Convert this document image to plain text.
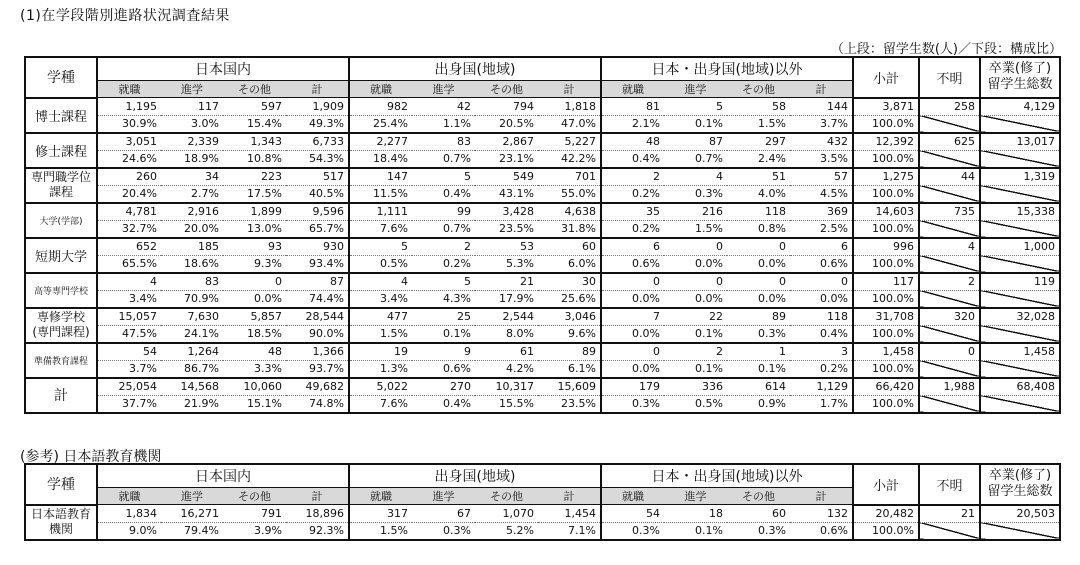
(1)在学段階別進路状況調査結果
（上段：留学生数(人)／下段：構成比）
学種	日本国内				出身国(地域)				日本・出身国(地域)以外				小計	不明	卒業(修了)
留学生総数

	就職	進学	その他	計	就職	進学	その他	計	就職	進学	その他	計			
博士課程	1,195	117	597	1,909	982	42	794	1,818	81	5	58	144	3,871	258	4,129
	30.9%	3.0%	15.4%	49.3%	25.4%	1.1%	20.5%	47.0%	2.1%	0.1%	1.5%	3.7%	100.0%		
修士課程	3,051	2,339	1,343	6,733	2,277	83	2,867	5,227	48	87	297	432	12,392	625	13,017
	24.6%	18.9%	10.8%	54.3%	18.4%	0.7%	23.1%	42.2%	0.4%	0.7%	2.4%	3.5%	100.0%		
専門職学位課程	260	34	223	517	147	5	549	701	2	4	51	57	1,275	44	1,319
	20.4%	2.7%	17.5%	40.5%	11.5%	0.4%	43.1%	55.0%	0.2%	0.3%	4.0%	4.5%	100.0%		
大学(学部)	4,781	2,916	1,899	9,596	1,111	99	3,428	4,638	35	216	118	369	14,603	735	15,338
	32.7%	20.0%	13.0%	65.7%	7.6%	0.7%	23.5%	31.8%	0.2%	1.5%	0.8%	2.5%	100.0%		
短期大学	652	185	93	930	5	2	53	60	6	0	0	6	996	4	1,000
	65.5%	18.6%	9.3%	93.4%	0.5%	0.2%	5.3%	6.0%	0.6%	0.0%	0.0%	0.6%	100.0%		
高等専門学校	4	83	0	87	4	5	21	30	0	0	0	0	117	2	119
	3.4%	70.9%	0.0%	74.4%	3.4%	4.3%	17.9%	25.6%	0.0%	0.0%	0.0%	0.0%	100.0%		
専修学校(専門課程)	15,057	7,630	5,857	28,544	477	25	2,544	3,046	7	22	89	118	31,708	320	32,028
	47.5%	24.1%	18.5%	90.0%	1.5%	0.1%	8.0%	9.6%	0.0%	0.1%	0.3%	0.4%	100.0%		
準備教育課程	54	1,264	48	1,366	19	9	61	89	0	2	1	3	1,458	0	1,458
	3.7%	86.7%	3.3%	93.7%	1.3%	0.6%	4.2%	6.1%	0.0%	0.1%	0.1%	0.2%	100.0%		
計	25,054	14,568	10,060	49,682	5,022	270	10,317	15,609	179	336	614	1,129	66,420	1,988	68,408
	37.7%	21.9%	15.1%	74.8%	7.6%	0.4%	15.5%	23.5%	0.3%	0.5%	0.9%	1.7%	100.0%		
(参考) 日本語教育機関
学種	日本国内				出身国(地域)				日本・出身国(地域)以外				小計	不明	卒業(修了)
留学生総数

	就職	進学	その他	計	就職	進学	その他	計	就職	進学	その他	計			
日本語教育機関	1,834	16,271	791	18,896	317	67	1,070	1,454	54	18	60	132	20,482	21	20,503
	9.0%	79.4%	3.9%	92.3%	1.5%	0.3%	5.2%	7.1%	0.3%	0.1%	0.3%	0.6%	100.0%		
